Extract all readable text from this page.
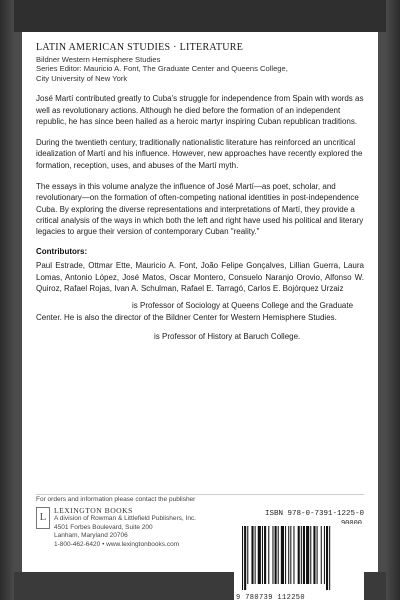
LATIN AMERICAN STUDIES · LITERATURE
Bildner Western Hemisphere Studies
Series Editor: Mauricio A. Font, The Graduate Center and Queens College,
City University of New York

José Martí contributed greatly to Cuba's struggle for independence from Spain with words as well as revolutionary actions. Although he died before the formation of an independent republic, he has since been hailed as a heroic martyr inspiring Cuban republican traditions.

During the twentieth century, traditionally nationalistic literature has reinforced an uncritical idealization of Martí and his influence. However, new approaches have recently explored the formation, reception, uses, and abuses of the Martí myth.

The essays in this volume analyze the influence of José Martí—as poet, scholar, and revolutionary—on the formation of often-competing national identities in post-independence Cuba. By exploring the diverse representations and interpretations of Martí, they provide a critical analysis of the ways in which both the left and right have used his political and literary legacies to argue their version of contemporary Cuban "reality."

Contributors:
Paul Estrade, Ottmar Ette, Mauricio A. Font, João Felipe Gonçalves, Lillian Guerra, Laura Lomas, Antonio López, José Matos, Oscar Montero, Consuelo Naranjo Orovio, Alfonso W. Quiroz, Rafael Rojas, Ivan A. Schulman, Rafael E. Tarragó, Carlos E. Bojórquez Urzaiz
is Professor of Sociology at Queens College and the Graduate Center. He is also the director of the Bildner Center for Western Hemisphere Studies.
is Professor of History at Baruch College.
For orders and information please contact the publisher
L
LEXINGTON BOOKS
A division of Rowman & Littlefield Publishers, Inc.
4501 Forbes Boulevard, Suite 200
Lanham, Maryland 20706
1-800-462-6420 • www.lexingtonbooks.com
ISBN 978-0-7391-1225-0
9 780739 112250
